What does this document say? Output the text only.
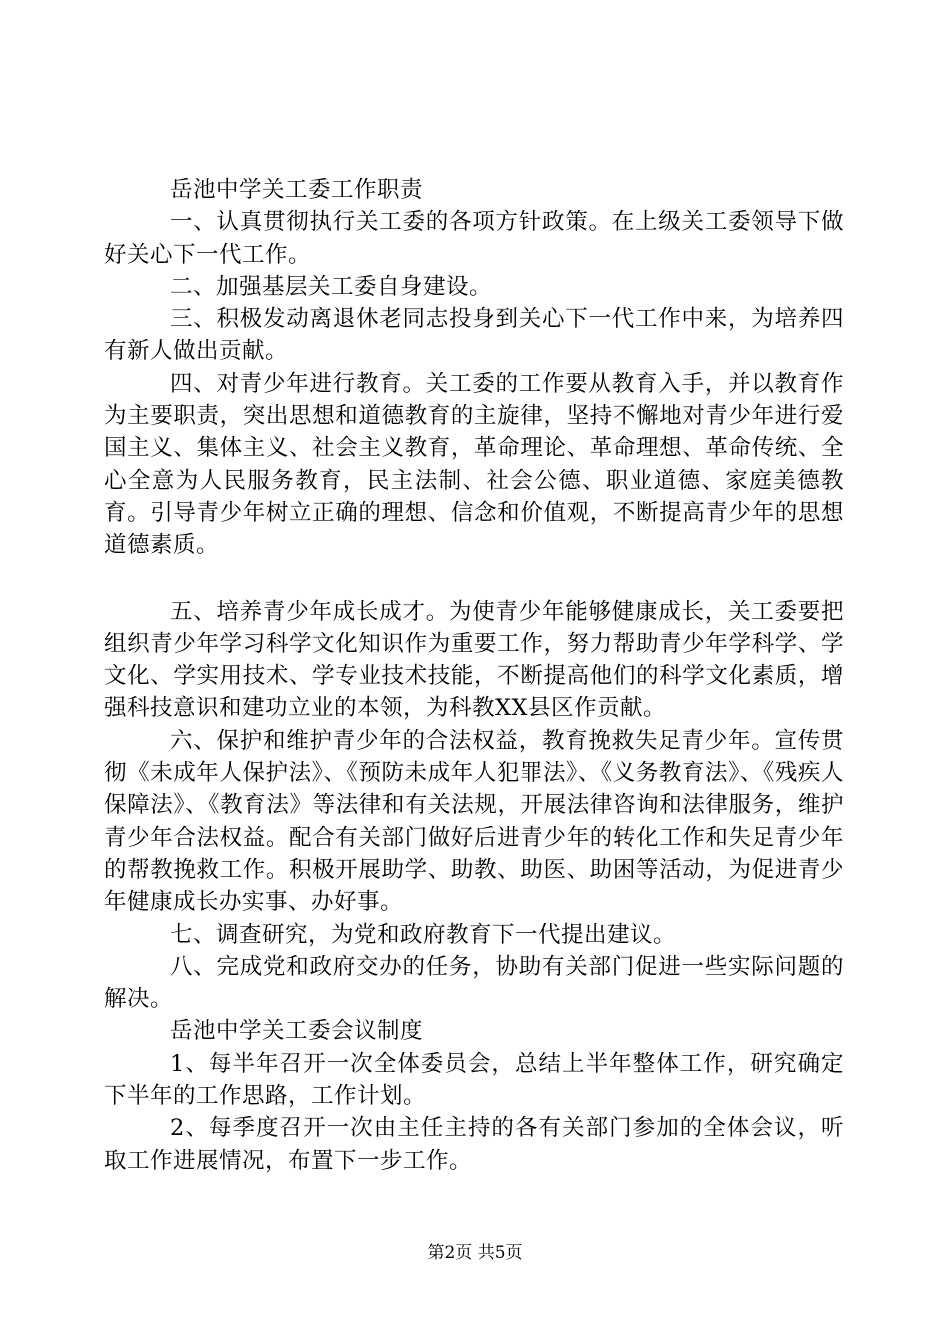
岳池中学关工委工作职责

一、认真贯彻执行关工委的各项方针政策。在上级关工委领导下做好关心下一代工作。

二、加强基层关工委自身建设。

三、积极发动离退休老同志投身到关心下一代工作中来，为培养四有新人做出贡献。

四、对青少年进行教育。关工委的工作要从教育入手，并以教育作为主要职责，突出思想和道德教育的主旋律，坚持不懈地对青少年进行爱国主义、集体主义、社会主义教育，革命理论、革命理想、革命传统、全心全意为人民服务教育，民主法制、社会公德、职业道德、家庭美德教育。引导青少年树立正确的理想、信念和价值观，不断提高青少年的思想道德素质。

五、培养青少年成长成才。为使青少年能够健康成长，关工委要把组织青少年学习科学文化知识作为重要工作，努力帮助青少年学科学、学文化、学实用技术、学专业技术技能，不断提高他们的科学文化素质，增强科技意识和建功立业的本领，为科教XX县区作贡献。

六、保护和维护青少年的合法权益，教育挽救失足青少年。宣传贯彻《未成年人保护法》、《预防未成年人犯罪法》、《义务教育法》、《残疾人保障法》、《教育法》等法律和有关法规，开展法律咨询和法律服务，维护青少年合法权益。配合有关部门做好后进青少年的转化工作和失足青少年的帮教挽救工作。积极开展助学、助教、助医、助困等活动，为促进青少年健康成长办实事、办好事。

七、调查研究，为党和政府教育下一代提出建议。

八、完成党和政府交办的任务，协助有关部门促进一些实际问题的解决。

岳池中学关工委会议制度

1、每半年召开一次全体委员会，总结上半年整体工作，研究确定下半年的工作思路，工作计划。

2、每季度召开一次由主任主持的各有关部门参加的全体会议，听取工作进展情况，布置下一步工作。

第2页 共5页
